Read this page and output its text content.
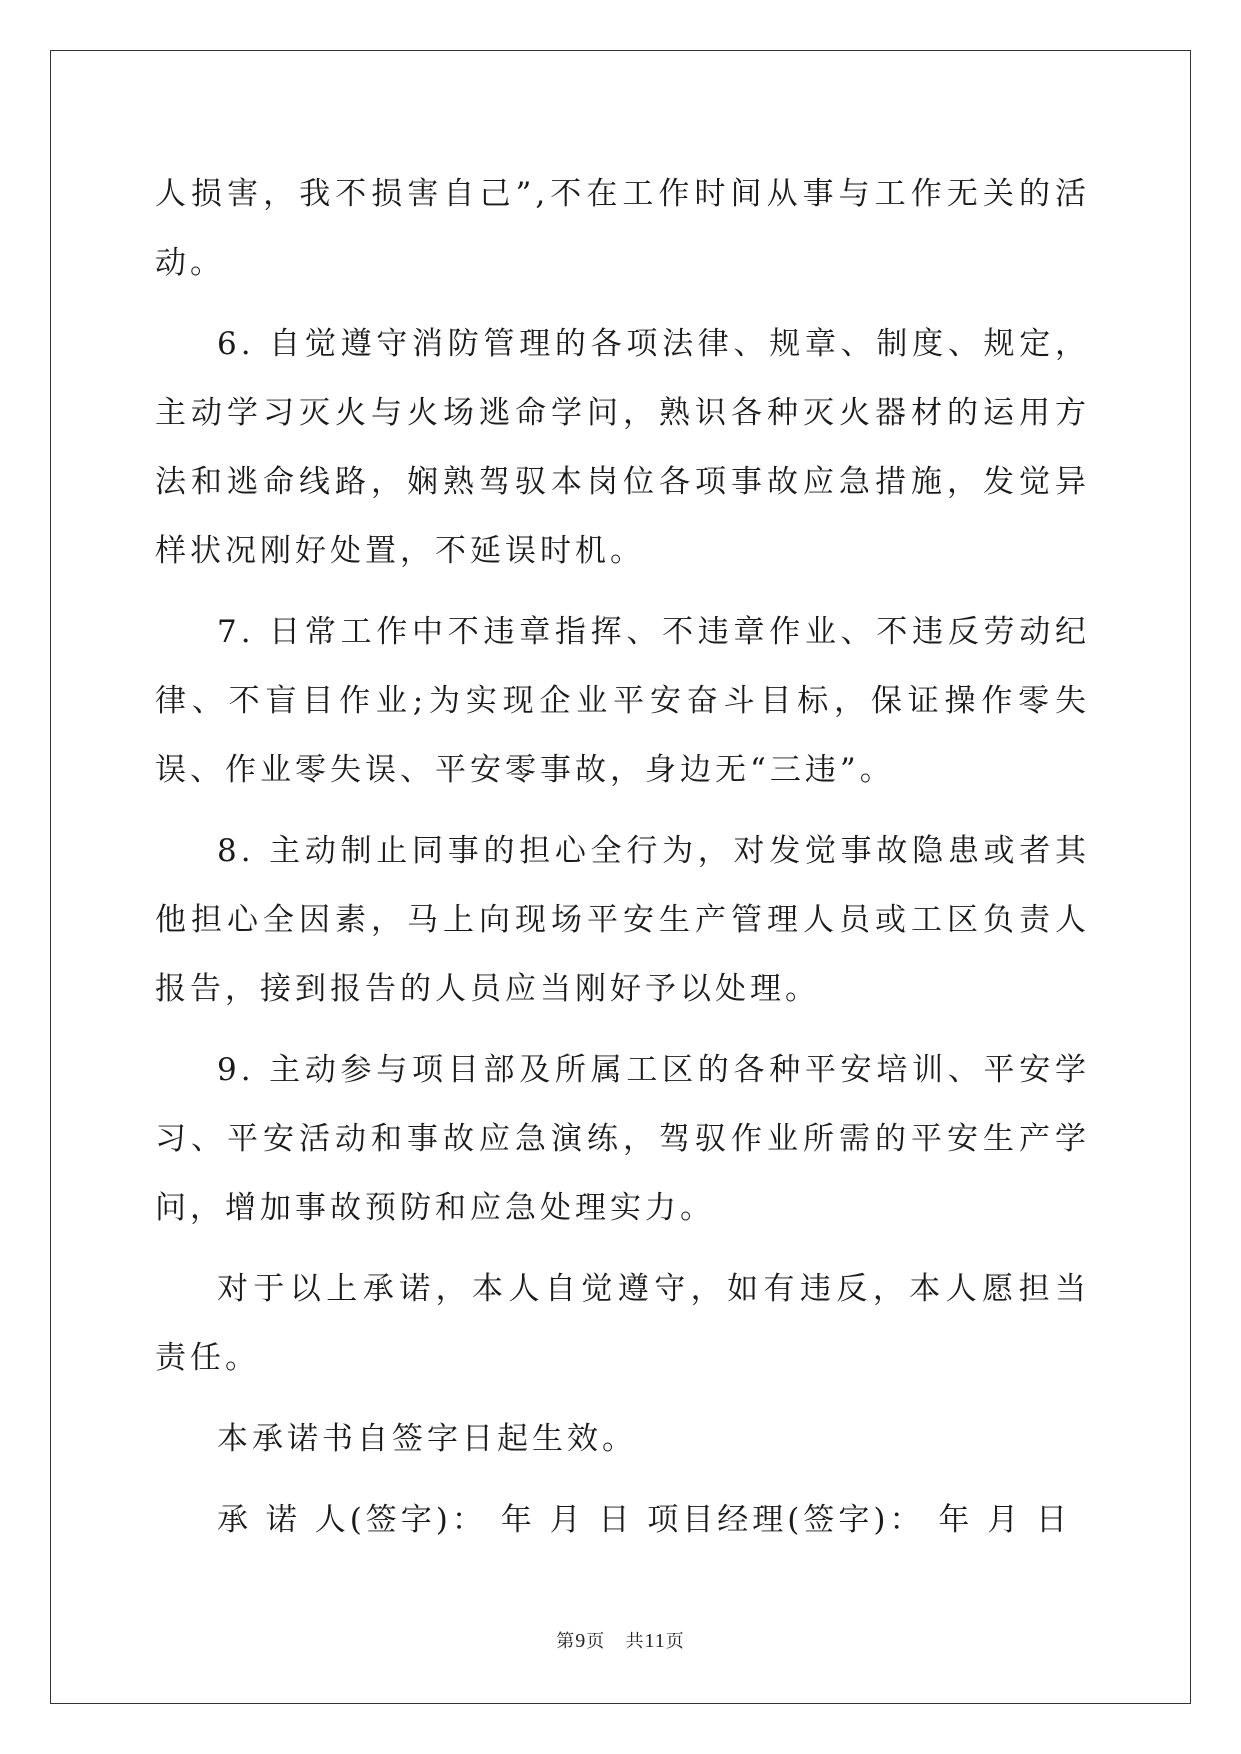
人损害，我不损害自己”,不在工作时间从事与工作无关的活动。

6. 自觉遵守消防管理的各项法律、规章、制度、规定，主动学习灭火与火场逃命学问，熟识各种灭火器材的运用方法和逃命线路，娴熟驾驭本岗位各项事故应急措施，发觉异样状况刚好处置，不延误时机。

7. 日常工作中不违章指挥、不违章作业、不违反劳动纪律、不盲目作业;为实现企业平安奋斗目标，保证操作零失误、作业零失误、平安零事故，身边无“三违”。

8. 主动制止同事的担心全行为，对发觉事故隐患或者其他担心全因素，马上向现场平安生产管理人员或工区负责人报告，接到报告的人员应当刚好予以处理。

9. 主动参与项目部及所属工区的各种平安培训、平安学习、平安活动和事故应急演练，驾驭作业所需的平安生产学问，增加事故预防和应急处理实力。

对于以上承诺，本人自觉遵守，如有违反，本人愿担当责任。

本承诺书自签字日起生效。

承 诺 人(签字)： 年 月 日 项目经理(签字)： 年 月 日

第9页 共11页
